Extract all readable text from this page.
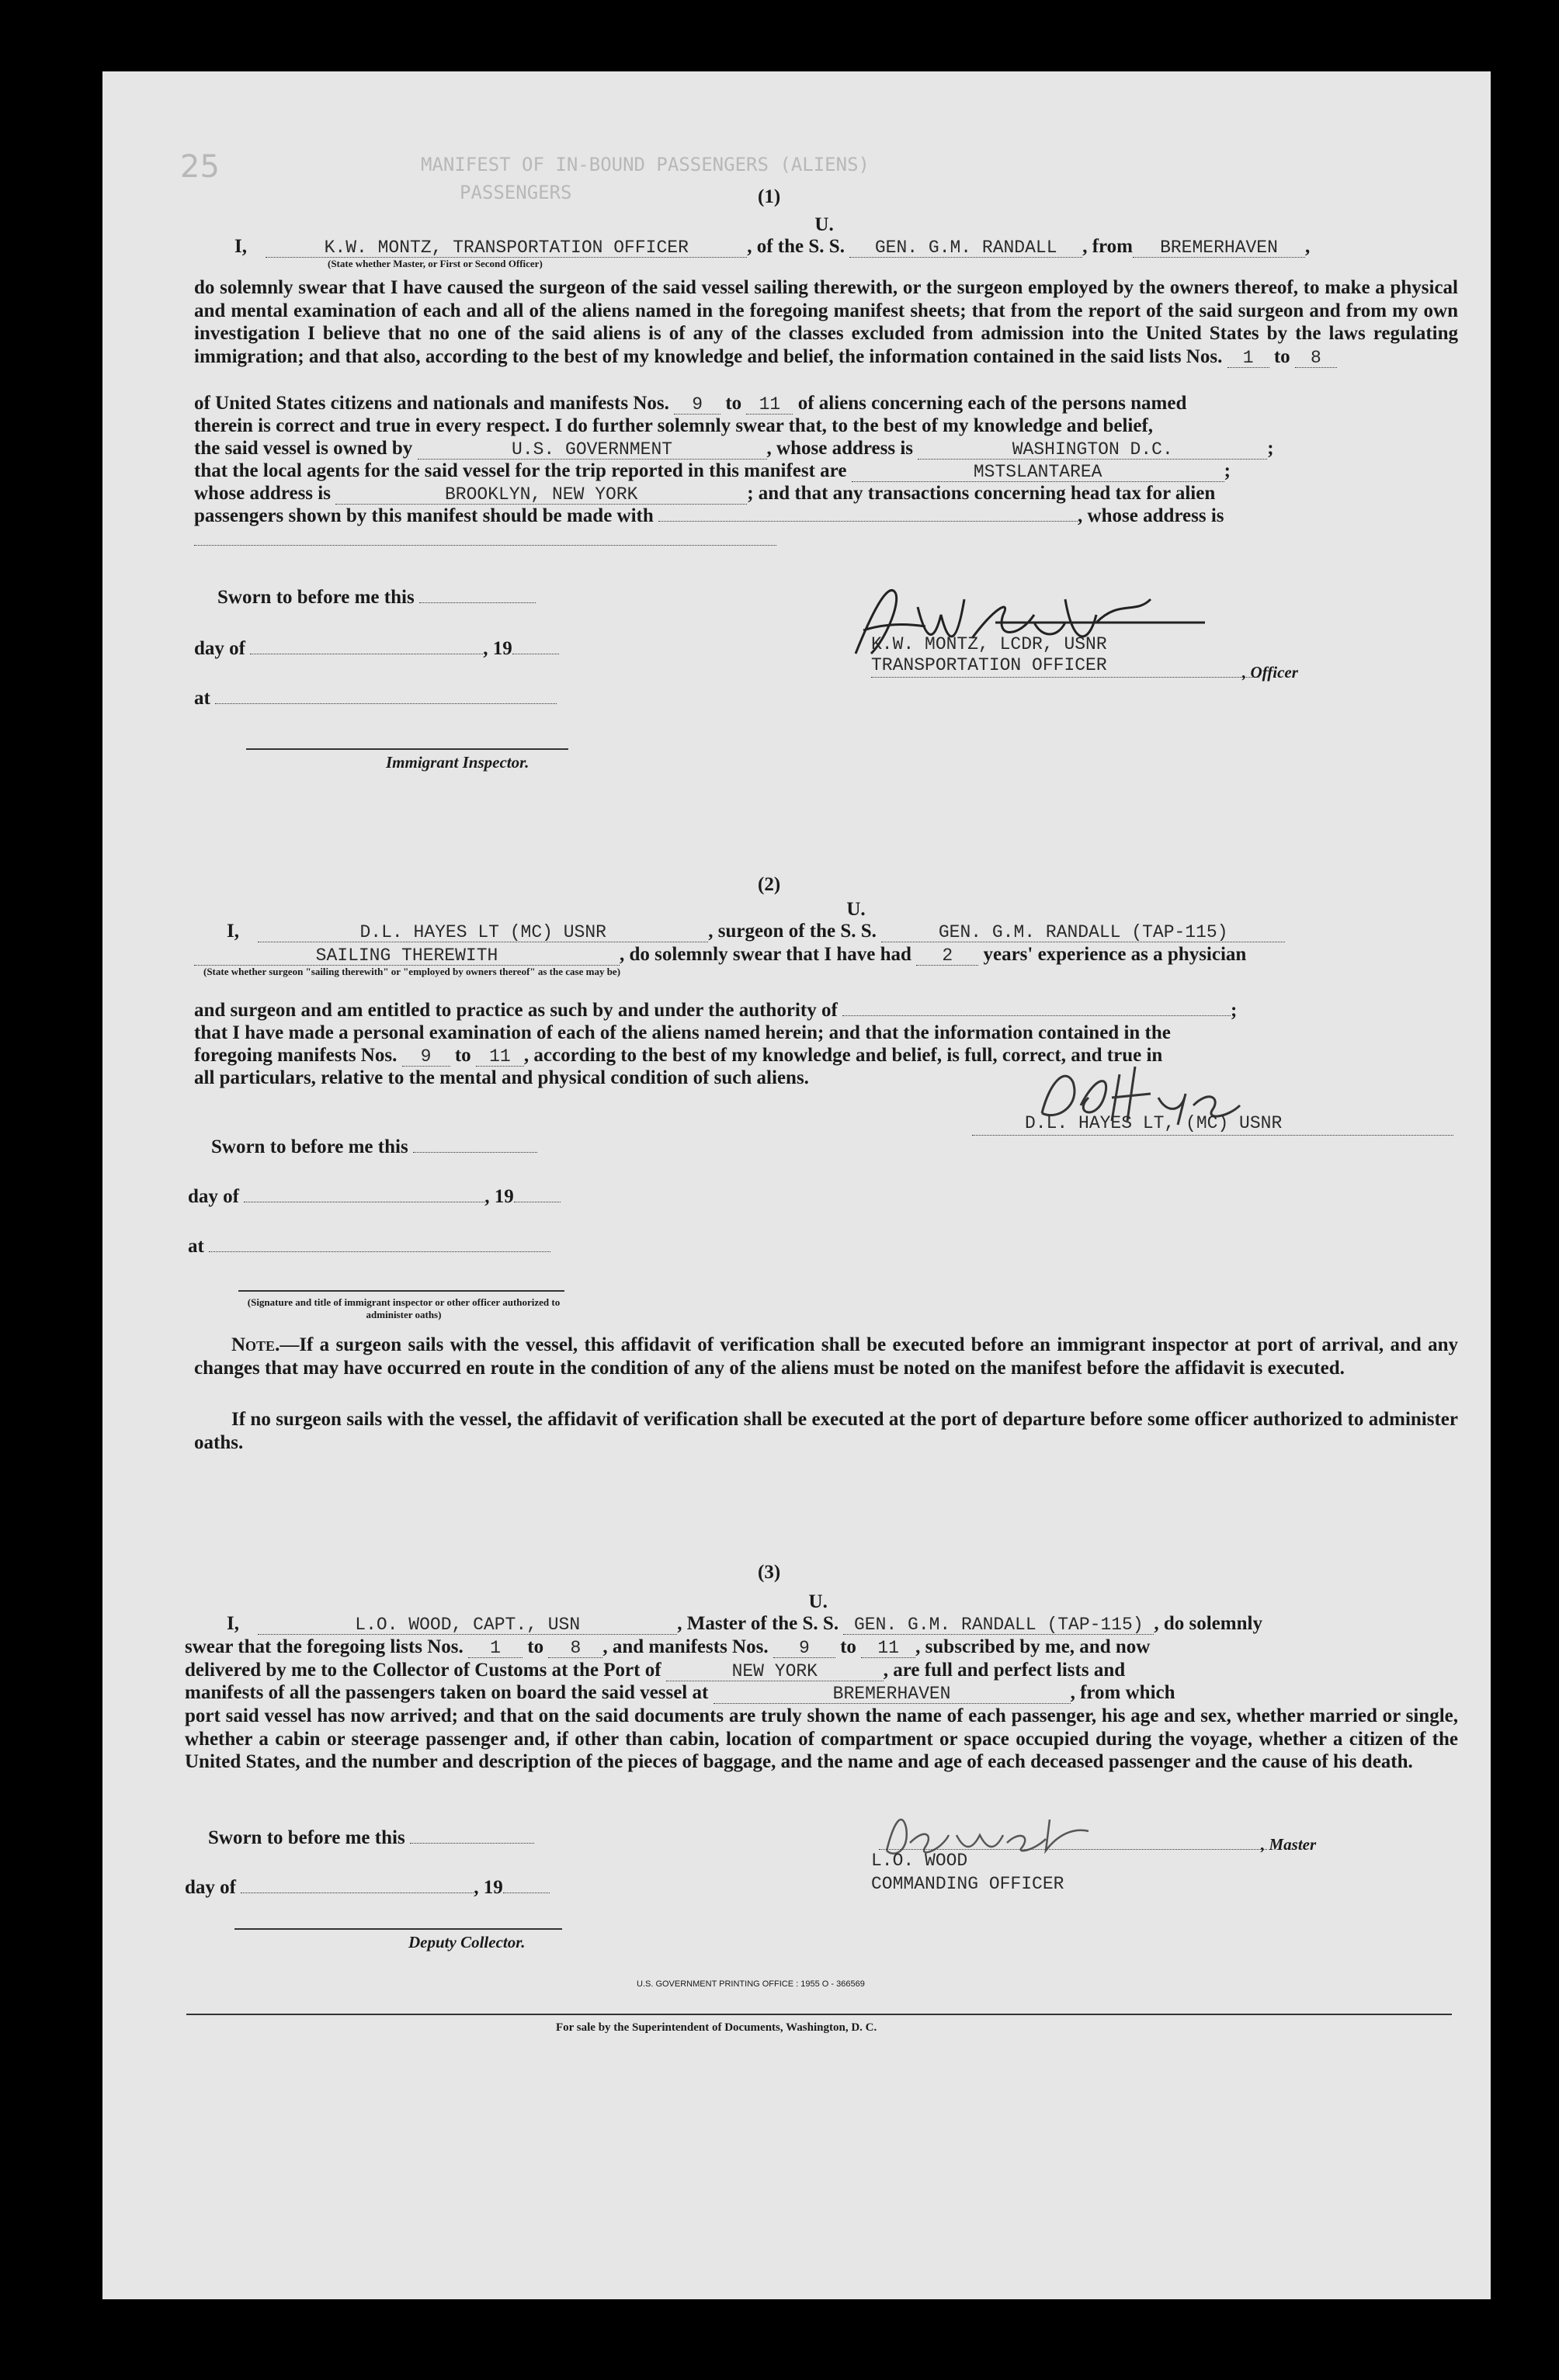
MANIFEST OF IN-BOUND PASSENGERS (ALIENS)
PASSENGERS
25
(1)
I,	K.W. MONTZ, TRANSPORTATION OFFICER	, of the
U.
S. S. GEN. G.M. RANDALL , from BREMERHAVEN ,
(State whether Master, or First or Second Officer)
do solemnly swear that I have caused the surgeon of the said vessel sailing therewith, or the surgeon employed by the owners thereof, to make a physical and mental examination of each and all of the aliens named in the foregoing manifest sheets; that from the report of the said surgeon and from my own investigation I believe that no one of the said aliens is of any of the classes excluded from admission into the United States by the laws regulating immigration; and that also, according to the best of my knowledge and belief, the information contained in the said lists Nos. 1 to 8
of United States citizens and nationals and manifests Nos. 9 to 11 of aliens concerning each of the persons named
therein is correct and true in every respect. I do further solemnly swear that, to the best of my knowledge and belief,
the said vessel is owned by	U.S. GOVERNMENT	, whose address is	WASHINGTON D.C.	;
that the local agents for the said vessel for the trip reported in this manifest are	MSTSLANTAREA	;
whose address is	BROOKLYN, NEW YORK	; and that any transactions concerning head tax for alien
passengers shown by this manifest should be made with	, whose address is
Sworn to before me this
day of	, 19
at
Immigrant Inspector.
K.W. MONTZ, LCDR, USNR
TRANSPORTATION OFFICER	, Officer
(2)
I,	D.L. HAYES LT (MC) USNR	, surgeon of the
U.
S. S.	GEN. G.M. RANDALL (TAP-115)
SAILING THEREWITH	, do solemnly swear that I have had 2 years' experience as a physician
(State whether surgeon "sailing therewith" or "employed by owners thereof" as the case may be)
and surgeon and am entitled to practice as such by and under the authority of	;
that I have made a personal examination of each of the aliens named herein; and that the information contained in the
foregoing manifests Nos. 9 to 11 , according to the best of my knowledge and belief, is full, correct, and true in
all particulars, relative to the mental and physical condition of such aliens.
D.L. HAYES LT, (MC) USNR
Sworn to before me this
day of	, 19
at
(Signature and title of immigrant inspector or other officer authorized to administer oaths)
Note.—If a surgeon sails with the vessel, this affidavit of verification shall be executed before an immigrant inspector at port of arrival, and any changes that may have occurred en route in the condition of any of the aliens must be noted on the manifest before the affidavit is executed.
If no surgeon sails with the vessel, the affidavit of verification shall be executed at the port of departure before some officer authorized to administer oaths.
(3)
I,	L.O. WOOD, CAPT., USN	, Master of the
U.
S. S. GEN. G.M. RANDALL (TAP-115) , do solemnly
swear that the foregoing lists Nos. 1 to 8 , and manifests Nos. 9 to 11 , subscribed by me, and now
delivered by me to the Collector of Customs at the Port of	NEW YORK	, are full and perfect lists and
manifests of all the passengers taken on board the said vessel at	BREMERHAVEN	, from which
port said vessel has now arrived; and that on the said documents are truly shown the name of each passenger, his age and sex, whether married or single, whether a cabin or steerage passenger and, if other than cabin, location of compartment or space occupied during the voyage, whether a citizen of the United States, and the number and description of the pieces of baggage, and the name and age of each deceased passenger and the cause of his death.
, Master
L.O. WOOD
COMMANDING OFFICER
Sworn to before me this
day of	, 19
Deputy Collector.
U.S. GOVERNMENT PRINTING OFFICE : 1955 O - 366569
For sale by the Superintendent of Documents, Washington, D. C.
